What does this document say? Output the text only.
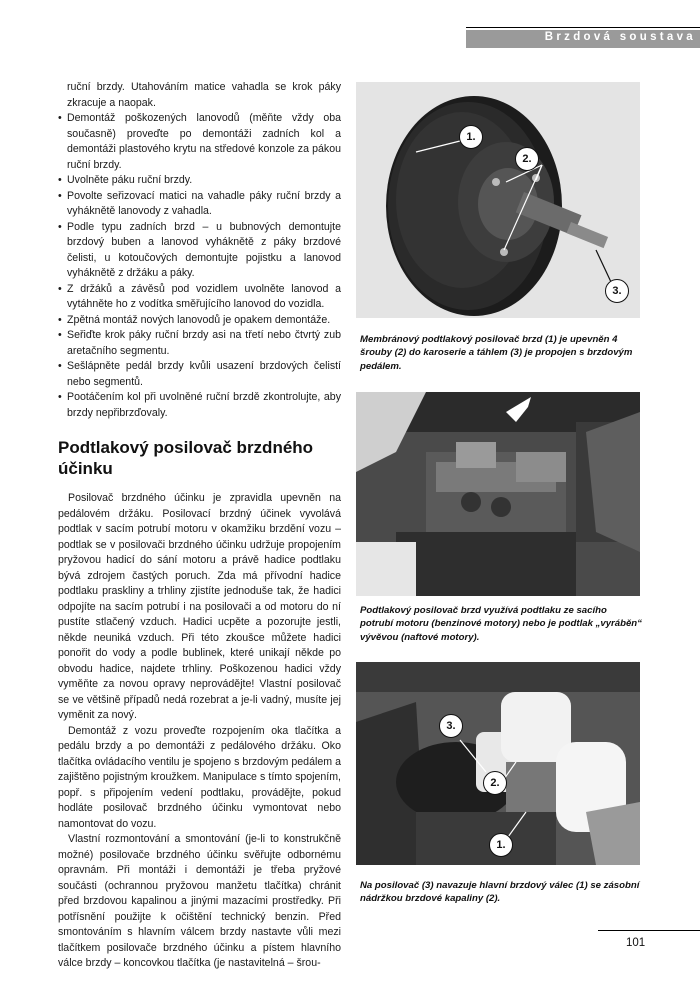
Brzdová soustava

ruční brzdy. Utahováním matice vahadla se krok páky zkracuje a naopak.

• Demontáž poškozených lanovodů (měňte vždy oba současně) proveďte po demontáži zadních kol a demontáži plastového krytu na středové konzole za pákou ruční brzdy.
• Uvolněte páku ruční brzdy.
• Povolte seřizovací matici na vahadle páky ruční brzdy a vyháknětě lanovody z vahadla.
• Podle typu zadních brzd – u bubnových demontujte brzdový buben a lanovod vyháknětě z páky brzdové čelisti, u kotoučových demontujte pojistku a lanovod vyháknětě z držáku a páky.
• Z držáků a závěsů pod vozidlem uvolněte lanovod a vytáhněte ho z vodítka směřujícího lanovod do vozidla.
• Zpětná montáž nových lanovodů je opakem demontáže.
• Seřiďte krok páky ruční brzdy asi na třetí nebo čtvrtý zub aretačního segmentu.
• Sešlápněte pedál brzdy kvůli usazení brzdových čelistí nebo segmentů.
• Pootáčením kol při uvolněné ruční brzdě zkontrolujte, aby brzdy nepřibrzďovaly.
Podtlakový posilovač brzdného účinku

Posilovač brzdného účinku je zpravidla upevněn na pedálovém držáku. Posilovací brzdný účinek vyvolává podtlak v sacím potrubí motoru v okamžiku brzdění vozu – podtlak se v posilovači brzdného účinku udržuje propojením pryžovou hadicí do sání motoru a právě hadice podtlaku bývá zdrojem častých poruch. Zda má přívodní hadice podtlaku praskliny a trhliny zjistíte jednoduše tak, že hadici odpojíte na sacím potrubí i na posilovači a od motoru do ní pustíte stlačený vzduch. Hadici ucpěte a pozorujte jestli, někde neuniká vzduch. Při této zkoušce můžete hadici ponořit do vody a podle bublinek, které unikají někde po obvodu hadice, najdete trhliny. Poškozenou hadici vždy vyměňte za novou opravy neprovádějte! Vlastní posilovač se ve většině případů nedá rozebrat a je-li vadný, musíte jej vyměnit za nový.

Demontáž z vozu proveďte rozpojením oka tlačítka a pedálu brzdy a po demontáži z pedálového držáku. Oko tlačítka ovládacího ventilu je spojeno s brzdovým pedálem a zajištěno pojistným kroužkem. Manipulace s tímto spojením, popř. s připojením vedení podtlaku, provádějte, pokud hodláte posilovač brzdného účinku vymontovat nebo namontovat do vozu.

Vlastní rozmontování a smontování (je-li to konstrukčně možné) posilovače brzdného účinku svěřujte odbornému opravnám. Při montáži i demontáži je třeba pryžové součásti (ochrannou pryžovou manžetu tlačítka) chránit před brzdovou kapalinou a jinými mazacími prostředky. Při potřísnění použijte k očištění technický benzin. Před smontováním s hlavním válcem brzdy nastavte vůli mezi tlačítkem posilovače brzdného účinku a pístem hlavního válce brzdy – koncovkou tlačítka (je nastavitelná – šrou-

1.
2.
3.
Membránový podtlakový posilovač brzd (1) je upevněn 4 šrouby (2) do karoserie a táhlem (3) je propojen s brzdovým pedálem.
Podtlakový posilovač brzd využívá podtlaku ze sacího potrubí motoru (benzinové motory) nebo je podtlak „vyráběn“ vývěvou (naftové motory).
3.
2.
1.
Na posilovač (3) navazuje hlavní brzdový válec (1) se zásobní nádržkou brzdové kapaliny (2).
101
